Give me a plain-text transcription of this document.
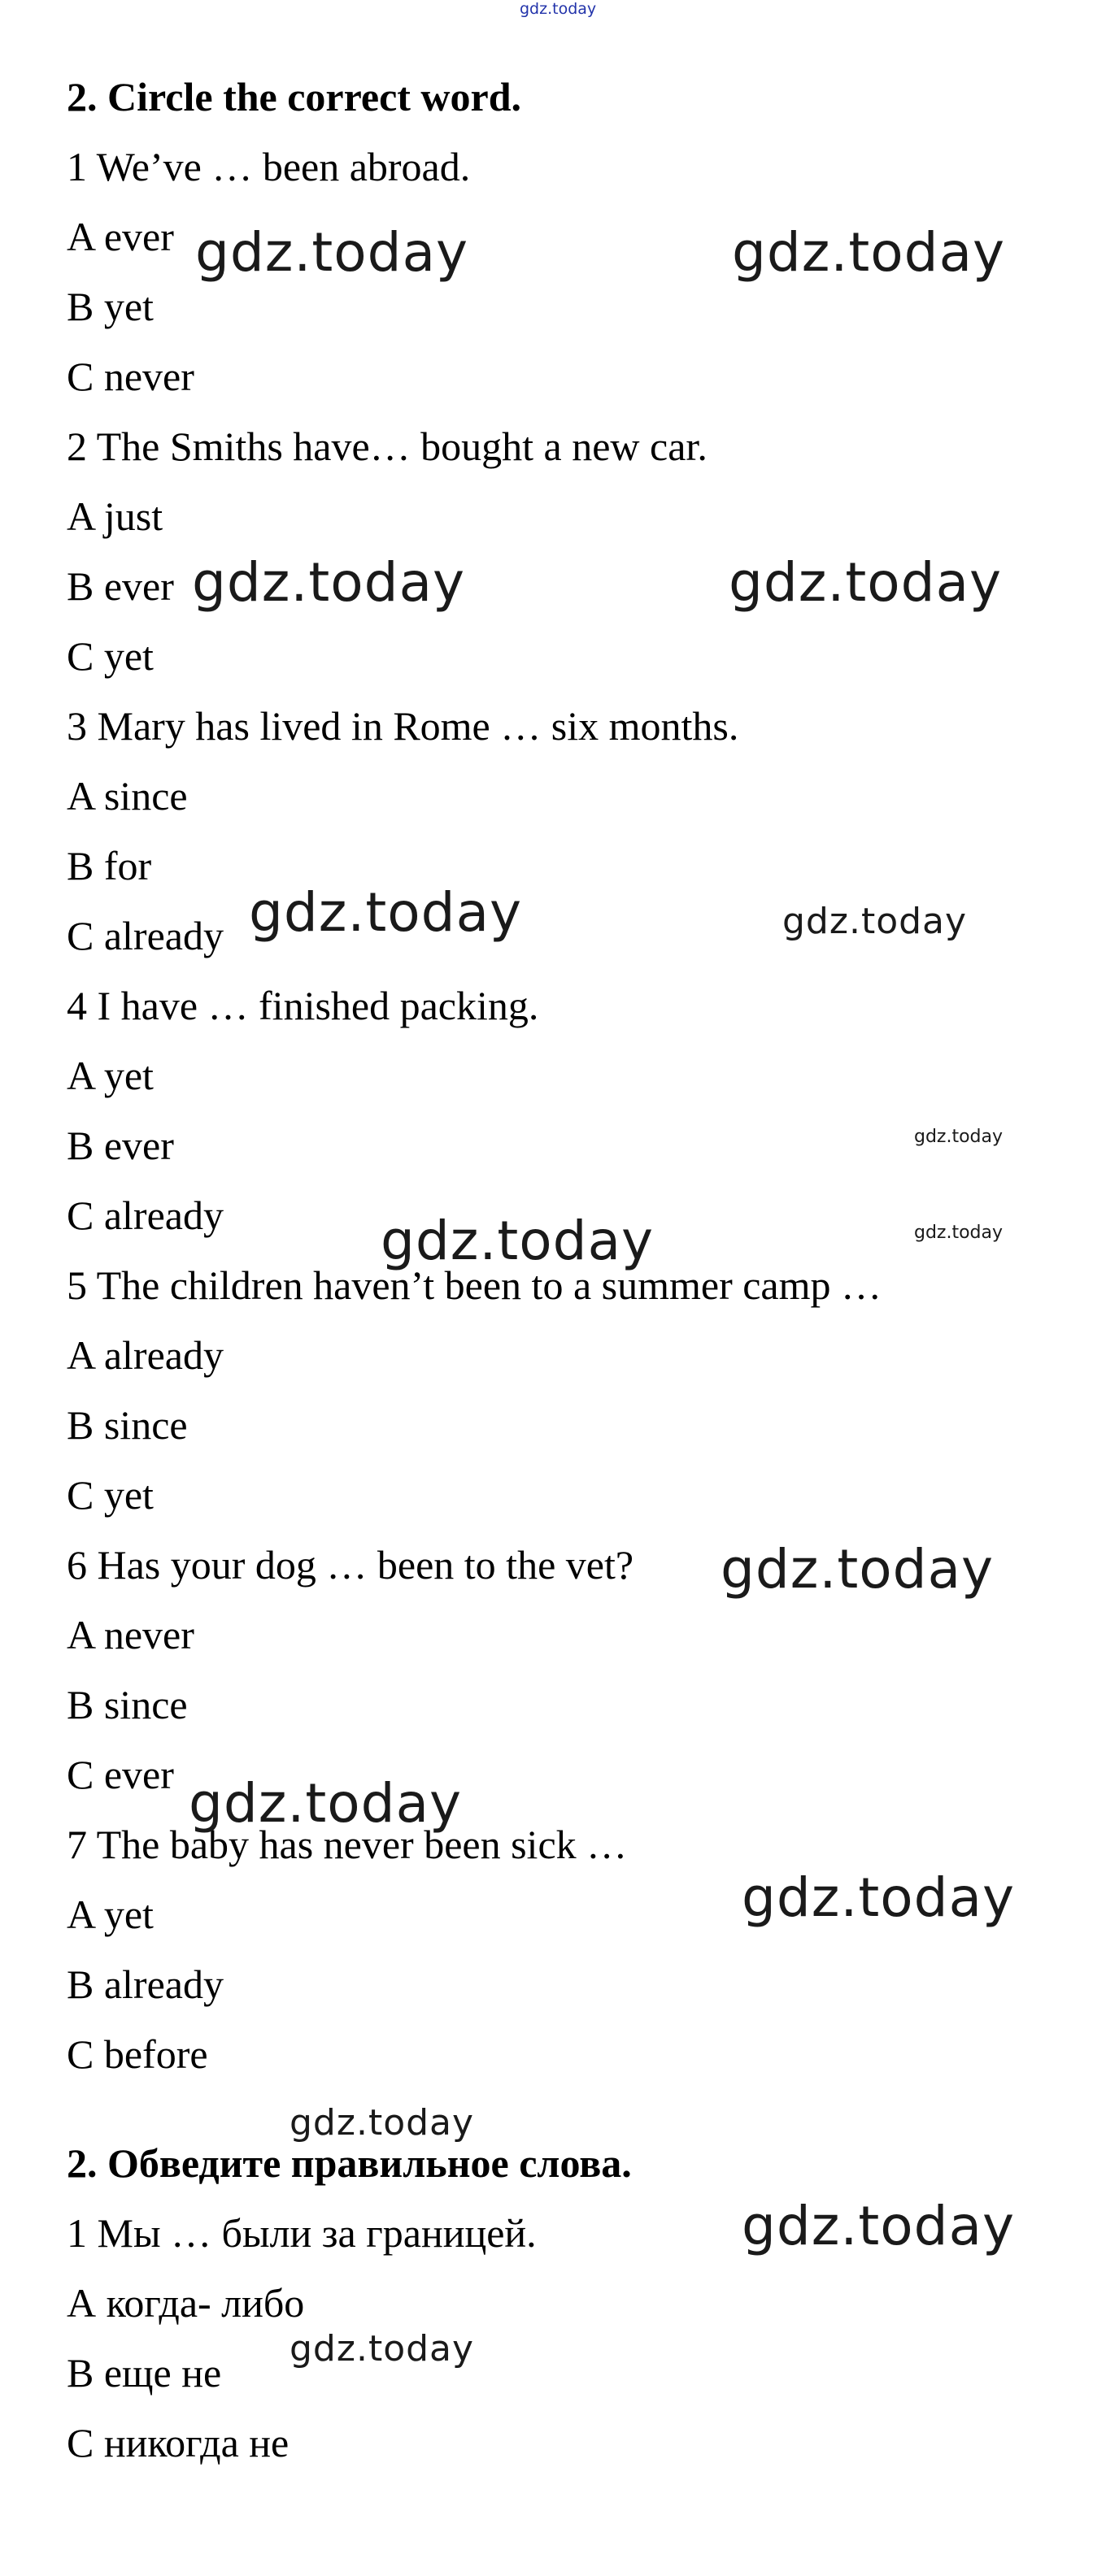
gdz.today
2. Circle the correct word.
1 We’ve … been abroad.
A ever
B yet
C never
2 The Smiths have… bought a new car.
A just
B ever
C yet
3 Mary has lived in Rome … six months.
A since
B for
C already
4 I have … finished packing.
A yet
B ever
C already
5 The children haven’t been to a summer camp …
A already
B since
C yet
6 Has your dog … been to the vet?
A never
B since
C ever
7 The baby has never been sick …
A yet
B already
C before
2. Обведите правильное слова.
1 Мы … были за границей.
А когда- либо
В еще не
С никогда не
gdz.today	gdz.today
gdz.today	gdz.today
gdz.today	gdz.today
gdz.today
gdz.today	gdz.today
gdz.today
gdz.today
gdz.today
gdz.today
gdz.today
gdz.today
